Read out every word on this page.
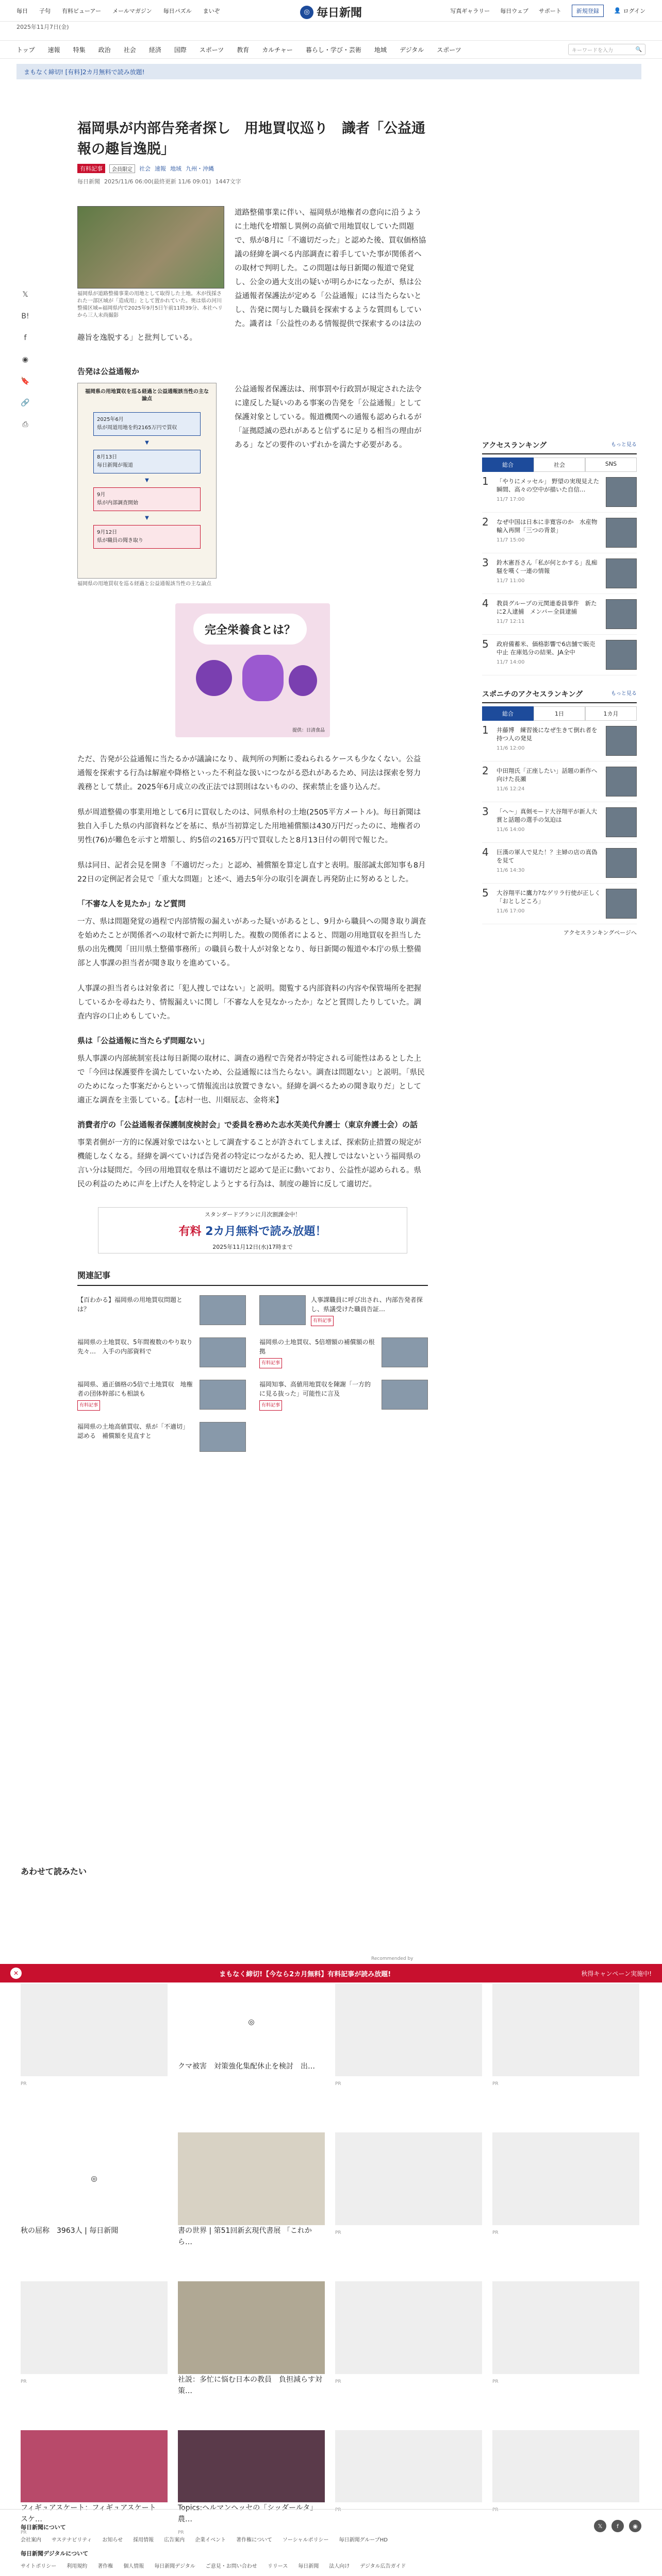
毎日 子句 有料ビューアー メールマガジン 毎日パズル まいぞ
2025年11月7日(金)
◎ 毎日新聞	写真ギャラリー 毎日ウェブ サポート	新規登録	👤 ログイン
トップ 速報 特集 政治 社会 経済 国際 スポーツ 教育 カルチャー 暮らし・学び・芸術 地域 デジタル スポーツ	キーワードを入力	🔍
まもなく締切! [有料]2カ月無料で読み放題!
𝕏
B!
f
◉
🔖
🔗
⎙
福岡県が内部告発者探し　用地買収巡り　識者「公益通報の趣旨逸脱」
有料記事	会員限定	社会 速報 地域 九州・沖縄
毎日新聞 2025/11/6 06:00(最終更新 11/6 09:01) 1447文字
福岡県が道路整備事業の用地として取得した土地。木が伐採された一部区域が「造成用」として置かれていた。奥は県の河川整備区域=福岡県内で2025年9月5日午前11時39分、本社ヘリから三人末尚撮影

道路整備事業に伴い、福岡県が地権者の意向に沿うように土地代を増額し異例の高値で用地買収していた問題で、県が8月に「不適切だった」と認めた後、買収価格協議の経緯を調べる内部調査に着手していた事が関係者への取材で判明した。この問題は毎日新聞の報道で発覚し、公金の過大支出の疑いが明らかになったが、県は公益通報者保護法が定める「公益通報」には当たらないとし、告発に関与した職員を探索するような質問もしていた。識者は「公益性のある情報提供で探索するのは法の趣旨を逸脱する」と批判している。

告発は公益通報か
福岡県の用地買収を巡る経過と公益通報該当性の主な論点
2025年6月
県が周道用地を約2165万円で買収
▼
8月13日
毎日新聞が報道
▼
9月
県が内部調査開始
▼
9月12日
県が職員の聞き取り
福岡県の用地買収を巡る経過と公益通報該当性の主な論点

公益通報者保護法は、刑事罰や行政罰が規定された法令に違反した疑いのある事案の告発を「公益通報」として保護対象としている。報道機関への通報も認められるが「証拠隠滅の恐れがあると信ずるに足りる相当の理由がある」などの要件のいずれかを満たす必要がある。

完全栄養食とは？
提供：日清食品

ただ、告発が公益通報に当たるかが議論になり、裁判所の判断に委ねられるケースも少なくない。公益通報を探索する行為は解雇や降格といった不利益な扱いにつながる恐れがあるため、同法は探索を努力義務として禁止。2025年6月成立の改正法では罰則はないものの、探索禁止を盛り込んだ。

県が周道整備の事業用地として6月に買収したのは、同県糸村の土地(2505平方メートル)。毎日新聞は独自入手した県の内部資料などを基に、県が当初算定した用地補償額は430万円だったのに、地権者の男性(76)が難色を示すと増額し、約5倍の2165万円で買収したと8月13日付の朝刊で報じた。

県は同日、記者会見を開き「不適切だった」と認め、補償額を算定し直すと表明。服部誠太郎知事も8月22日の定例記者会見で「重大な問題」と述べ、過去5年分の取引を調査し再発防止に努めるとした。

「不審な人を見たか」など質問

一方、県は問題発覚の過程で内部情報の漏えいがあった疑いがあるとし、9月から職員への聞き取り調査を始めたことが関係者への取材で新たに判明した。複数の関係者によると、問題の用地買収を担当した県の出先機関「田川県土整備事務所」の職員ら数十人が対象となり、毎日新聞の報道や本庁の県土整備部と人事課の担当者が聞き取りを進めている。

人事課の担当者らは対象者に「犯人捜しではない」と説明。閲覧する内部資料の内容や保管場所を把握しているかを尋ねたり、情報漏えいに関し「不審な人を見なかったか」などと質問したりしていた。調査内容の口止めもしていた。

県は「公益通報に当たらず問題ない」

県人事課の内部統制室長は毎日新聞の取材に、調査の過程で告発者が特定される可能性はあるとした上で「今回は保護要件を満たしていないため、公益通報には当たらない。調査は問題ない」と説明。「県民のためになった事案だからといって情報流出は放置できない。経緯を調べるための聞き取りだ」として適正な調査を主張している。【志村一也、川畑辰志、金将来】

消費者庁の「公益通報者保護制度検討会」で委員を務めた志水芙美代弁護士（東京弁護士会）の話

事業者側が一方的に保護対象ではないとして調査することが許されてしまえば、探索防止措置の規定が機能しなくなる。経緯を調べていけば告発者の特定につながるため、犯人捜しではないという福岡県の言い分は疑問だ。今回の用地買収を県は不適切だと認めて是正に動いており、公益性が認められる。県民の利益のために声を上げた人を特定しようとする行為は、制度の趣旨に反して適切だ。

スタンダードプランに月次割課金中！
有料 2カ月無料で読み放題！
2025年11月12日(水)17時まで
関連記事
【百わかる】福岡県の用地買収問題とは？
人事課職員に呼び出され、内部告発者探し、県議受けた職員告証…
有料記事
福岡県の土地買収、5年間複数のやり取り先々…　入手の内部資料で
福岡県の土地買収、5倍増額の補償額の根拠
有料記事
福岡県、過正価格の5倍で土地買収　地権者の団体幹部にも相談も
有料記事
福岡知事、高値用地買収を陳謝「一方的に見る抜った」可能性に言及
有料記事
福岡県の土地高値買収、県が「不適切」認める　補償額を見直すと
アクセスランキング	もっと見る
総合	社会	SNS
1	「やりにメッセル」 野望の実現見えた瞬間、高々の空中が描いた自信…
11/7 17:00
2	なぜ中国は日本に非寛容のか　水産物輸入再開「三つの背景」
11/7 15:00
3	鈴木憲吾さん「私が何とかする」乱痴騒を嘆く一連の情報
11/7 11:00
4	教員グループの元関連委員事件　新たに2人逮捕　メンバー全員逮捕
11/7 12:11
5	政府備蓄米、価格影響で6店舗で販売中止 在庫処分の結果、JA全中
11/7 14:00
スポニチのアクセスランキング	もっと見る
総合	1日	1カ月
1	井藤博　練習後になぜ生きて倒れ者を持つ人の発見
11/6 12:00
2	中田翔氏「正座したい」話題の新作へ向けた長瀬
11/6 12:24
3	「ヘ～」真剣モード大谷翔平が新人大賞と話題の選手の気迫は
11/6 14:00
4	巨漢の軍人で見た！？主婦の店の真偽を見て
11/6 14:30
5	大谷翔平に鷹力?なゲリラ行使が正しく「おとしどころ」
11/6 17:00
アクセスランキングページへ
あわせて読みたい
Recommended by
✕	まもなく締切!【今なら2カ月無料】有料記事が読み放題!	秋得キャンペーン実施中!
PR
◎
クマ被害　対策強化集配休止を検討　出…
PR	PR
◎
秋の屈称　3963人 | 毎日新聞	書の世界 | 第51回新玄現代書展 「これから…
PR	PR
PR	社説：多忙に悩む日本の教員　負担減らす対策…
PR	PR
フィギュアスケート：フィギュアスケート　スケ…
PR
Topics:ヘルマンヘッセの「シッダールタ」農…
PR
PR	PR
𝕏	f	◉
毎日新聞について
会社案内 サステナビリティ お知らせ 採用情報 広告案内 企業イベント 著作権について ソーシャルポリシー 毎日新聞グループHD
毎日新聞デジタルについて
サイトポリシー 利用規約 著作権 個人情報 毎日新聞デジタル ご意見・お問い合わせ リリース 毎日新聞 法人向け デジタル広告ガイド
